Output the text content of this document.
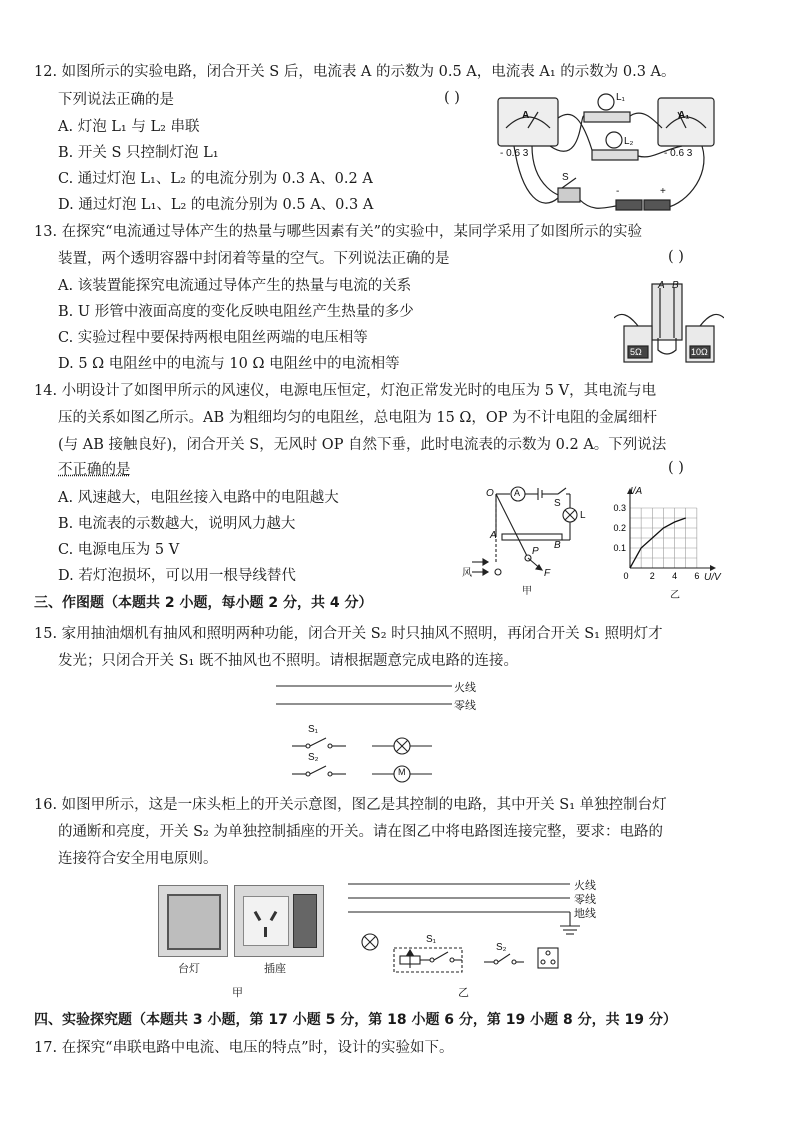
12. 如图所示的实验电路，闭合开关 S 后，电流表 A 的示数为 0.5 A，电流表 A₁ 的示数为 0.3 A。
下列说法正确的是	( )
A. 灯泡 L₁ 与 L₂ 串联
B. 开关 S 只控制灯泡 L₁
C. 通过灯泡 L₁、L₂ 的电流分别为 0.3 A、0.2 A
D. 通过灯泡 L₁、L₂ 的电流分别为 0.5 A、0.3 A
A	A₁
- 0.6 3	- 0.6 3
L₁
L₂
S
-	+
13. 在探究“电流通过导体产生的热量与哪些因素有关”的实验中，某同学采用了如图所示的实验
装置，两个透明容器中封闭着等量的空气。下列说法正确的是	( )
A. 该装置能探究电流通过导体产生的热量与电流的关系
B. U 形管中液面高度的变化反映电阻丝产生热量的多少
C. 实验过程中要保持两根电阻丝两端的电压相等
D. 5 Ω 电阻丝中的电流与 10 Ω 电阻丝中的电流相等
A B
5Ω	10Ω
14. 小明设计了如图甲所示的风速仪，电源电压恒定，灯泡正常发光时的电压为 5 V，其电流与电
压的关系如图乙所示。AB 为粗细均匀的电阻丝，总电阻为 15 Ω，OP 为不计电阻的金属细杆
(与 AB 接触良好)，闭合开关 S，无风时 OP 自然下垂，此时电流表的示数为 0.2 A。下列说法
不正确的是	( )
A. 风速越大，电阻丝接入电路中的电阻越大
B. 电流表的示数越大，说明风力越大
C. 电源电压为 5 V
D. 若灯泡损坏，可以用一根导线替代
O A
S
L
A
B
P
F
风
甲
0.1
0.2
0.3
0 2 4 6
I/A
U/V
乙
三、作图题（本题共 2 小题，每小题 2 分，共 4 分）
15. 家用抽油烟机有抽风和照明两种功能，闭合开关 S₂ 时只抽风不照明，再闭合开关 S₁ 照明灯才
发光；只闭合开关 S₁ 既不抽风也不照明。请根据题意完成电路的连接。
火线
零线
S₁
S₂
M
16. 如图甲所示，这是一床头柜上的开关示意图，图乙是其控制的电路，其中开关 S₁ 单独控制台灯
的通断和亮度，开关 S₂ 为单独控制插座的开关。请在图乙中将电路图连接完整，要求：电路的
连接符合安全用电原则。
台灯	插座
甲
火线
零线
地线
S₁
S₂
乙
四、实验探究题（本题共 3 小题，第 17 小题 5 分，第 18 小题 6 分，第 19 小题 8 分，共 19 分）
17. 在探究“串联电路中电流、电压的特点”时，设计的实验如下。
